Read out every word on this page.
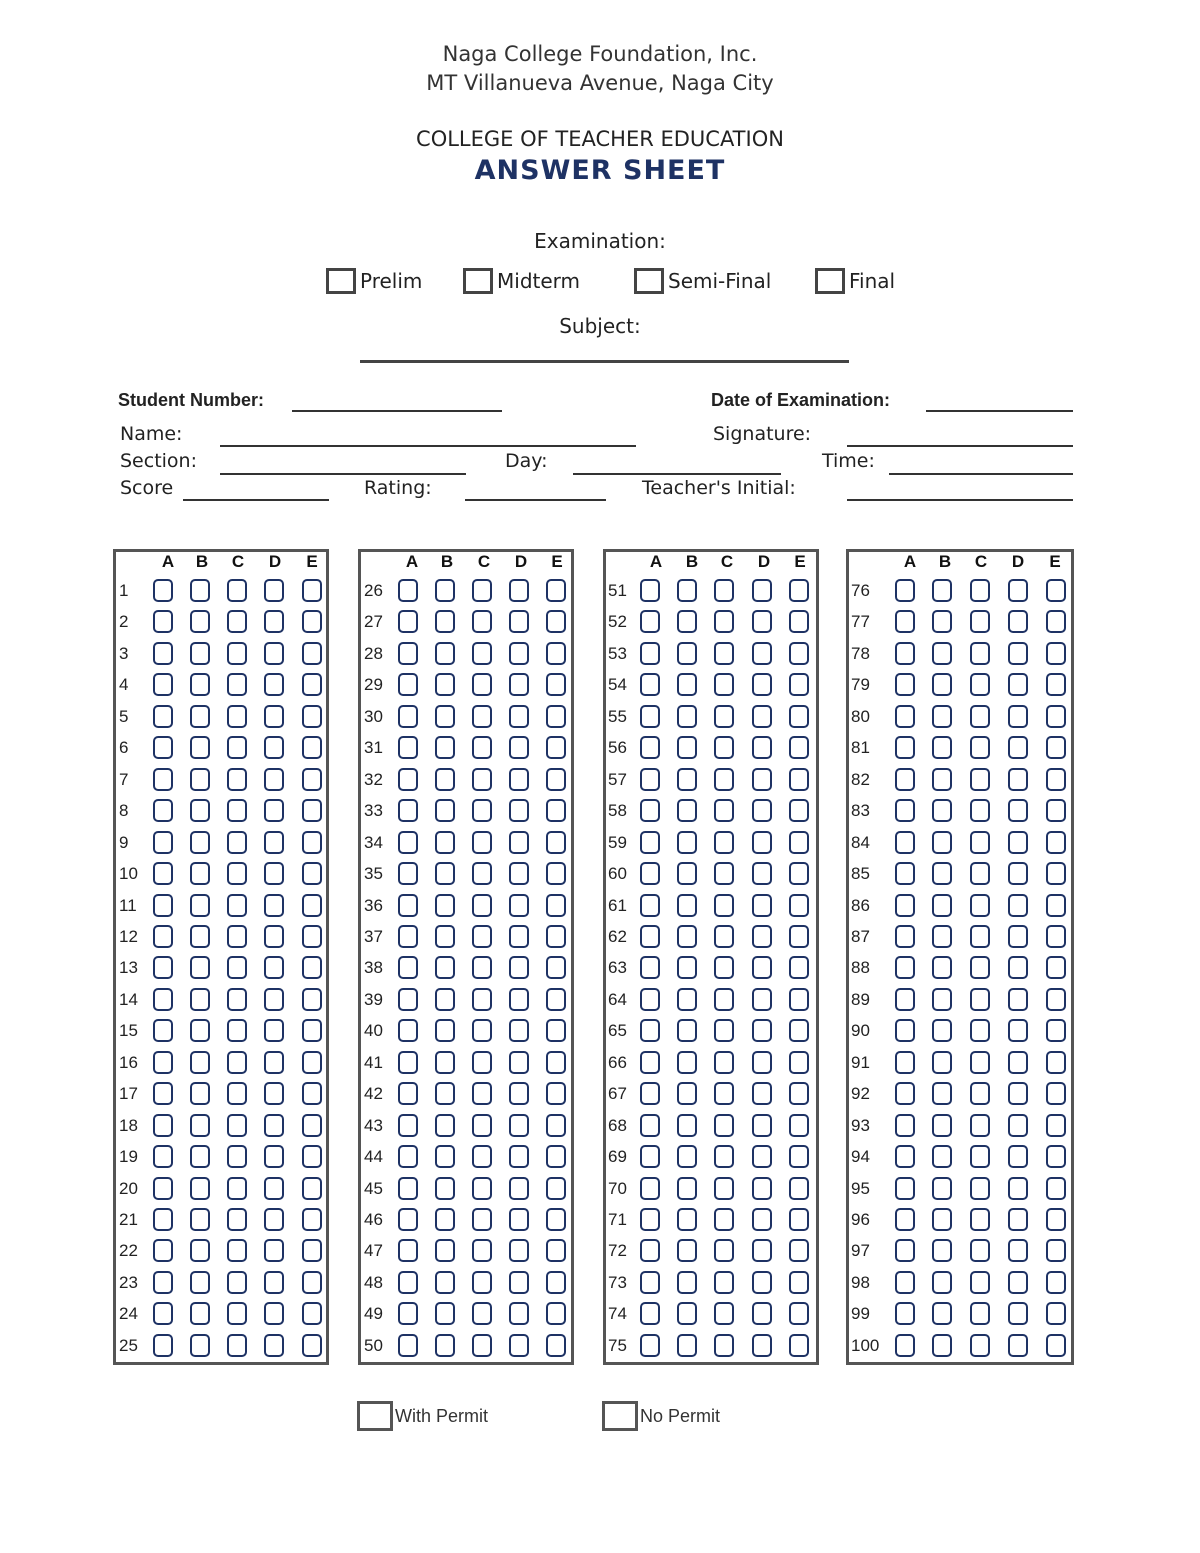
Naga College Foundation, Inc.
MT Villanueva Avenue, Naga City
COLLEGE OF TEACHER EDUCATION
ANSWER SHEET
Examination:
Prelim	Midterm	Semi-Final	Final
Subject:
Student Number:	Date of Examination:
Name:	Signature:
Section:	Day:	Time:
Score	Rating:	Teacher's Initial:
A B C D E
1
2
3
4
5
6
7
8
9
10
11
12
13
14
15
16
17
18
19
20
21
22
23
24
25
A B C D E
26
27
28
29
30
31
32
33
34
35
36
37
38
39
40
41
42
43
44
45
46
47
48
49
50
A B C D E
51
52
53
54
55
56
57
58
59
60
61
62
63
64
65
66
67
68
69
70
71
72
73
74
75
A B C D E
76
77
78
79
80
81
82
83
84
85
86
87
88
89
90
91
92
93
94
95
96
97
98
99
100
With Permit	No Permit
